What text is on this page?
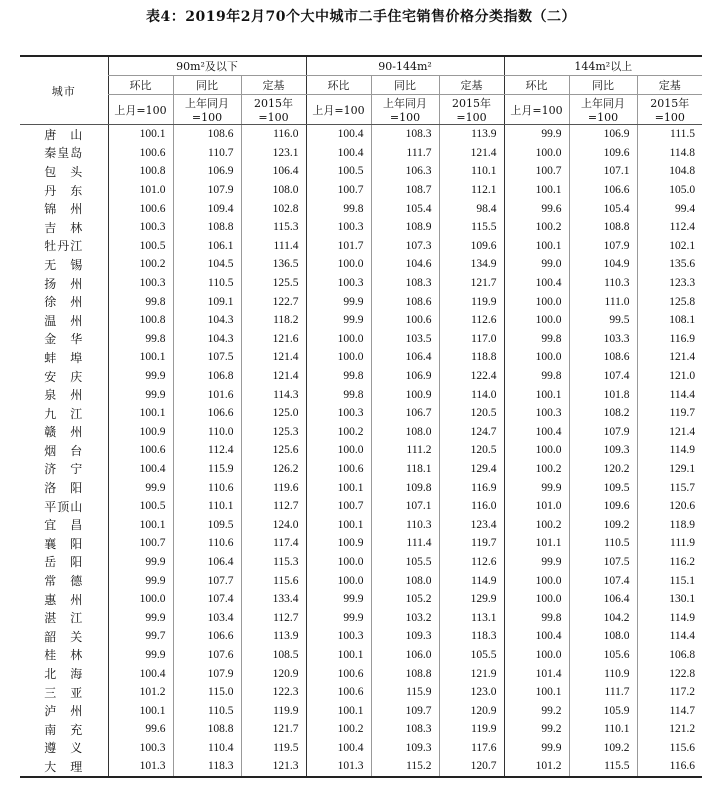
表4：2019年2月70个大中城市二手住宅销售价格分类指数（二）
城市	90m²及以下			90-144m²			144m²以上		
	环比	同比	定基	环比	同比	定基	环比	同比	定基
	上月=100	上年同月=100	2015年=100	上月=100	上年同月=100	2015年=100	上月=100	上年同月=100	2015年=100
唐　山	100.1	108.6	116.0	100.4	108.3	113.9	99.9	106.9	111.5
秦皇岛	100.6	110.7	123.1	100.4	111.7	121.4	100.0	109.6	114.8
包　头	100.8	106.9	106.4	100.5	106.3	110.1	100.7	107.1	104.8
丹　东	101.0	107.9	108.0	100.7	108.7	112.1	100.1	106.6	105.0
锦　州	100.6	109.4	102.8	99.8	105.4	98.4	99.6	105.4	99.4
吉　林	100.3	108.8	115.3	100.3	108.9	115.5	100.2	108.8	112.4
牡丹江	100.5	106.1	111.4	101.7	107.3	109.6	100.1	107.9	102.1
无　锡	100.2	104.5	136.5	100.0	104.6	134.9	99.0	104.9	135.6
扬　州	100.3	110.5	125.5	100.3	108.3	121.7	100.4	110.3	123.3
徐　州	99.8	109.1	122.7	99.9	108.6	119.9	100.0	111.0	125.8
温　州	100.8	104.3	118.2	99.9	100.6	112.6	100.0	99.5	108.1
金　华	99.8	104.3	121.6	100.0	103.5	117.0	99.8	103.3	116.9
蚌　埠	100.1	107.5	121.4	100.0	106.4	118.8	100.0	108.6	121.4
安　庆	99.9	106.8	121.4	99.8	106.9	122.4	99.8	107.4	121.0
泉　州	99.9	101.6	114.3	99.8	100.9	114.0	100.1	101.8	114.4
九　江	100.1	106.6	125.0	100.3	106.7	120.5	100.3	108.2	119.7
赣　州	100.9	110.0	125.3	100.2	108.0	124.7	100.4	107.9	121.4
烟　台	100.6	112.4	125.6	100.0	111.2	120.5	100.0	109.3	114.9
济　宁	100.4	115.9	126.2	100.6	118.1	129.4	100.2	120.2	129.1
洛　阳	99.9	110.6	119.6	100.1	109.8	116.9	99.9	109.5	115.7
平顶山	100.5	110.1	112.7	100.7	107.1	116.0	101.0	109.6	120.6
宜　昌	100.1	109.5	124.0	100.1	110.3	123.4	100.2	109.2	118.9
襄　阳	100.7	110.6	117.4	100.9	111.4	119.7	101.1	110.5	111.9
岳　阳	99.9	106.4	115.3	100.0	105.5	112.6	99.9	107.5	116.2
常　德	99.9	107.7	115.6	100.0	108.0	114.9	100.0	107.4	115.1
惠　州	100.0	107.4	133.4	99.9	105.2	129.9	100.0	106.4	130.1
湛　江	99.9	103.4	112.7	99.9	103.2	113.1	99.8	104.2	114.9
韶　关	99.7	106.6	113.9	100.3	109.3	118.3	100.4	108.0	114.4
桂　林	99.9	107.6	108.5	100.1	106.0	105.5	100.0	105.6	106.8
北　海	100.4	107.9	120.9	100.6	108.8	121.9	101.4	110.9	122.8
三　亚	101.2	115.0	122.3	100.6	115.9	123.0	100.1	111.7	117.2
泸　州	100.1	110.5	119.9	100.1	109.7	120.9	99.2	105.9	114.7
南　充	99.6	108.8	121.7	100.2	108.3	119.9	99.2	110.1	121.2
遵　义	100.3	110.4	119.5	100.4	109.3	117.6	99.9	109.2	115.6
大　理	101.3	118.3	121.3	101.3	115.2	120.7	101.2	115.5	116.6
